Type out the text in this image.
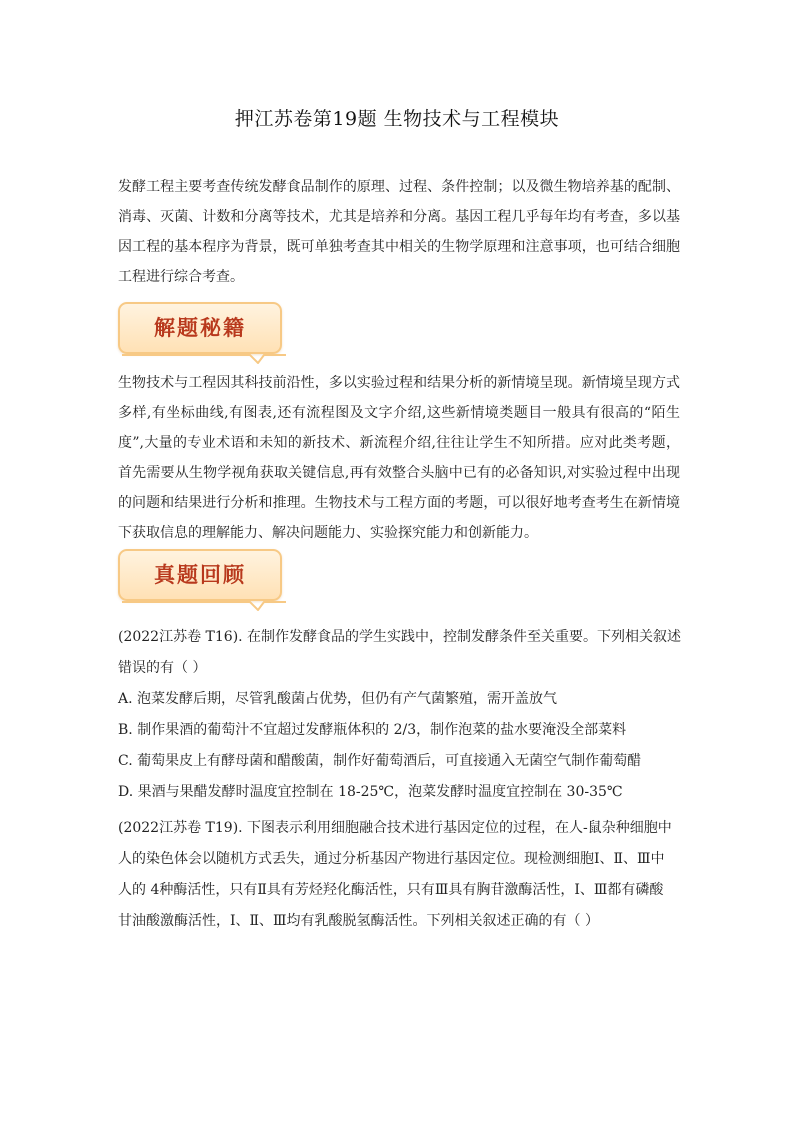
押江苏卷第19题 生物技术与工程模块

发酵工程主要考查传统发酵食品制作的原理、过程、条件控制；以及微生物培养基的配制、消毒、灭菌、计数和分离等技术，尤其是培养和分离。基因工程几乎每年均有考查，多以基因工程的基本程序为背景，既可单独考查其中相关的生物学原理和注意事项，也可结合细胞工程进行综合考查。

解题秘籍

生物技术与工程因其科技前沿性，多以实验过程和结果分析的新情境呈现。新情境呈现方式多样,有坐标曲线,有图表,还有流程图及文字介绍,这些新情境类题目一般具有很高的“陌生度”,大量的专业术语和未知的新技术、新流程介绍,往往让学生不知所措。应对此类考题，首先需要从生物学视角获取关键信息,再有效整合头脑中已有的必备知识,对实验过程中出现的问题和结果进行分析和推理。生物技术与工程方面的考题，可以很好地考查考生在新情境下获取信息的理解能力、解决问题能力、实验探究能力和创新能力。

真题回顾

(2022江苏卷 T16). 在制作发酵食品的学生实践中，控制发酵条件至关重要。下列相关叙述

错误的有（ ）

A. 泡菜发酵后期，尽管乳酸菌占优势，但仍有产气菌繁殖，需开盖放气

B. 制作果酒的葡萄汁不宜超过发酵瓶体积的 2/3，制作泡菜的盐水要淹没全部菜料

C. 葡萄果皮上有酵母菌和醋酸菌，制作好葡萄酒后，可直接通入无菌空气制作葡萄醋

D. 果酒与果醋发酵时温度宜控制在 18-25℃，泡菜发酵时温度宜控制在 30-35℃

(2022江苏卷 T19). 下图表示利用细胞融合技术进行基因定位的过程，在人-鼠杂种细胞中

人的染色体会以随机方式丢失，通过分析基因产物进行基因定位。现检测细胞Ⅰ、Ⅱ、Ⅲ中

人的 4种酶活性，只有Ⅱ具有芳烃羟化酶活性，只有Ⅲ具有胸苷激酶活性，Ⅰ、Ⅲ都有磷酸

甘油酸激酶活性，Ⅰ、Ⅱ、Ⅲ均有乳酸脱氢酶活性。下列相关叙述正确的有（ ）
